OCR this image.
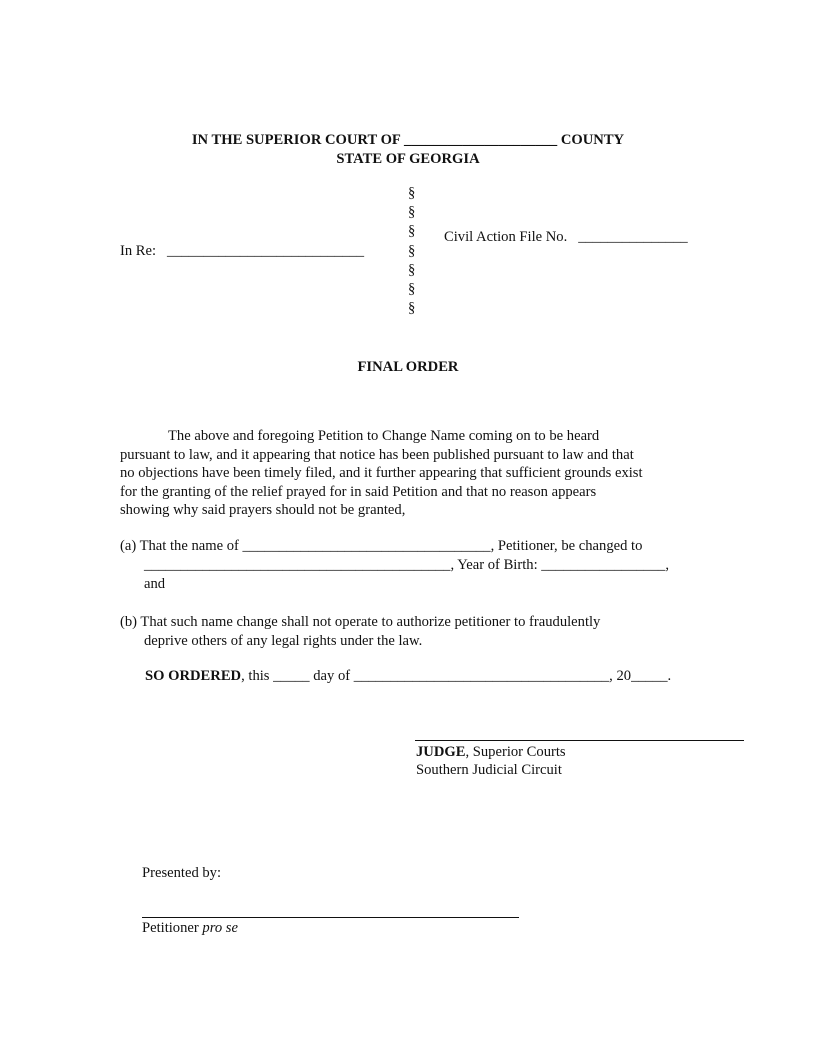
IN THE SUPERIOR COURT OF _____________________ COUNTY
STATE OF GEORGIA
§
§
§
§
§
§
§
In Re: ___________________________
Civil Action File No. _______________
FINAL ORDER
The above and foregoing Petition to Change Name coming on to be heard
pursuant to law, and it appearing that notice has been published pursuant to law and that
no objections have been timely filed, and it further appearing that sufficient grounds exist
for the granting of the relief prayed for in said Petition and that no reason appears
showing why said prayers should not be granted,
(a) That the name of __________________________________, Petitioner, be changed to
__________________________________________, Year of Birth: _________________,
and
(b) That such name change shall not operate to authorize petitioner to fraudulently
deprive others of any legal rights under the law.
SO ORDERED, this _____ day of ___________________________________, 20_____.
JUDGE, Superior Courts
Southern Judicial Circuit
Presented by:
Petitioner pro se
